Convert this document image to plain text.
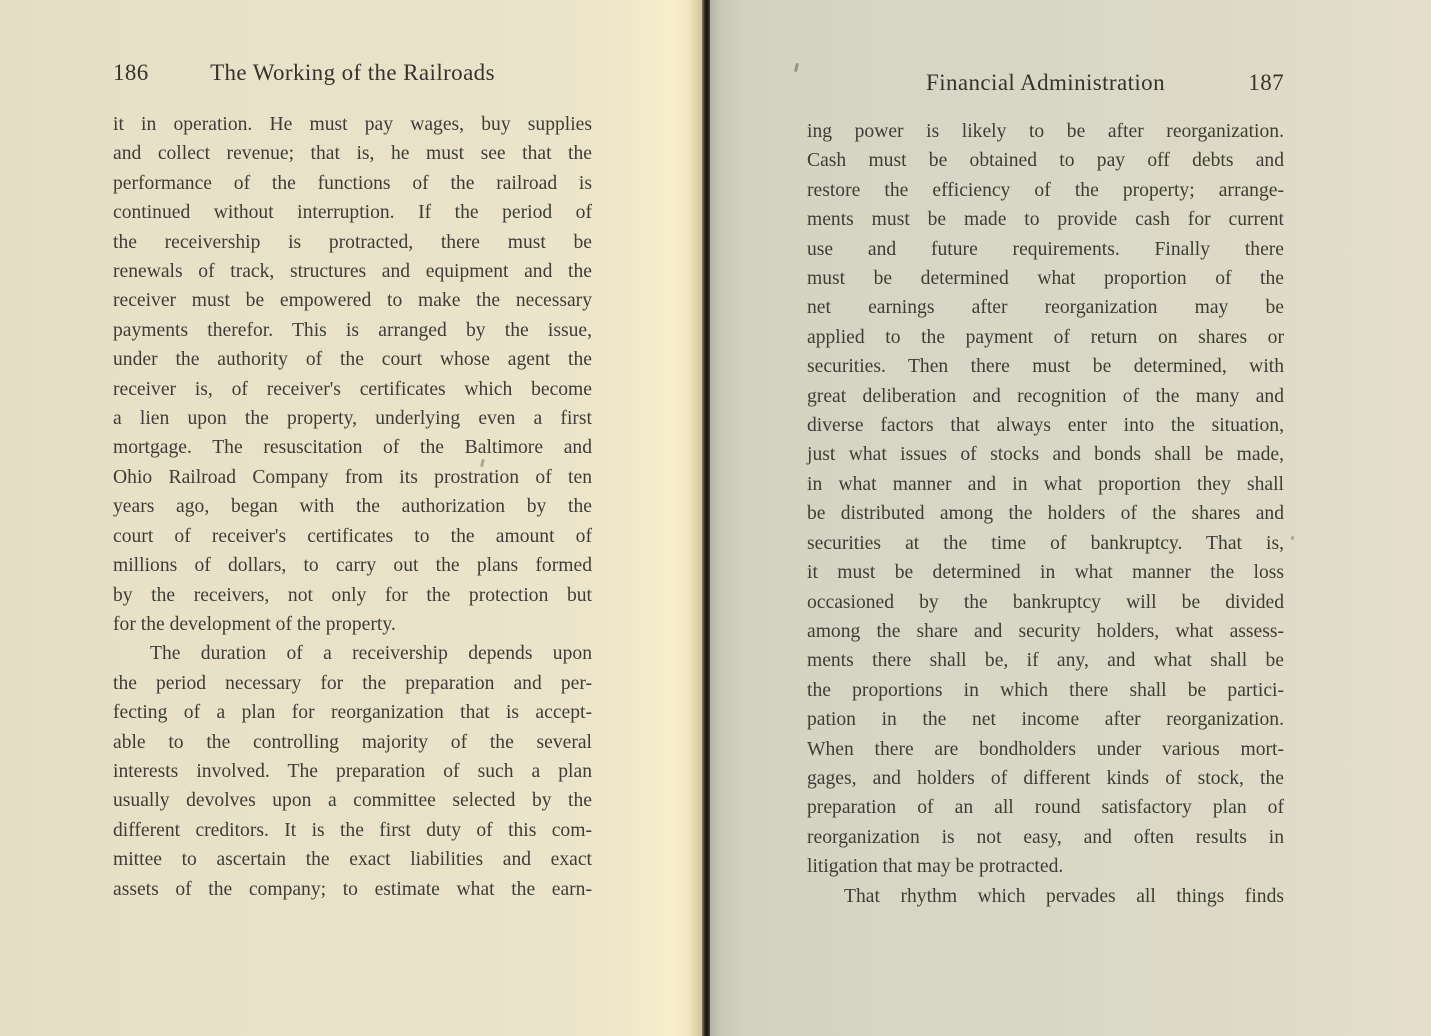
186	The Working of the Railroads
it in operation. He must pay wages, buy supplies
and collect revenue; that is, he must see that the
performance of the functions of the railroad is
continued without interruption. If the period of
the receivership is protracted, there must be
renewals of track, structures and equipment and the
receiver must be empowered to make the necessary
payments therefor. This is arranged by the issue,
under the authority of the court whose agent the
receiver is, of receiver's certificates which become
a lien upon the property, underlying even a first
mortgage. The resuscitation of the Baltimore and
Ohio Railroad Company from its prostration of ten
years ago, began with the authorization by the
court of receiver's certificates to the amount of
millions of dollars, to carry out the plans formed
by the receivers, not only for the protection but
for the development of the property.
The duration of a receivership depends upon
the period necessary for the preparation and per-
fecting of a plan for reorganization that is accept-
able to the controlling majority of the several
interests involved. The preparation of such a plan
usually devolves upon a committee selected by the
different creditors. It is the first duty of this com-
mittee to ascertain the exact liabilities and exact
assets of the company; to estimate what the earn-
Financial Administration	187
ing power is likely to be after reorganization.
Cash must be obtained to pay off debts and
restore the efficiency of the property; arrange-
ments must be made to provide cash for current
use and future requirements. Finally there
must be determined what proportion of the
net earnings after reorganization may be
applied to the payment of return on shares or
securities. Then there must be determined, with
great deliberation and recognition of the many and
diverse factors that always enter into the situation,
just what issues of stocks and bonds shall be made,
in what manner and in what proportion they shall
be distributed among the holders of the shares and
securities at the time of bankruptcy. That is,
it must be determined in what manner the loss
occasioned by the bankruptcy will be divided
among the share and security holders, what assess-
ments there shall be, if any, and what shall be
the proportions in which there shall be partici-
pation in the net income after reorganization.
When there are bondholders under various mort-
gages, and holders of different kinds of stock, the
preparation of an all round satisfactory plan of
reorganization is not easy, and often results in
litigation that may be protracted.
That rhythm which pervades all things finds
